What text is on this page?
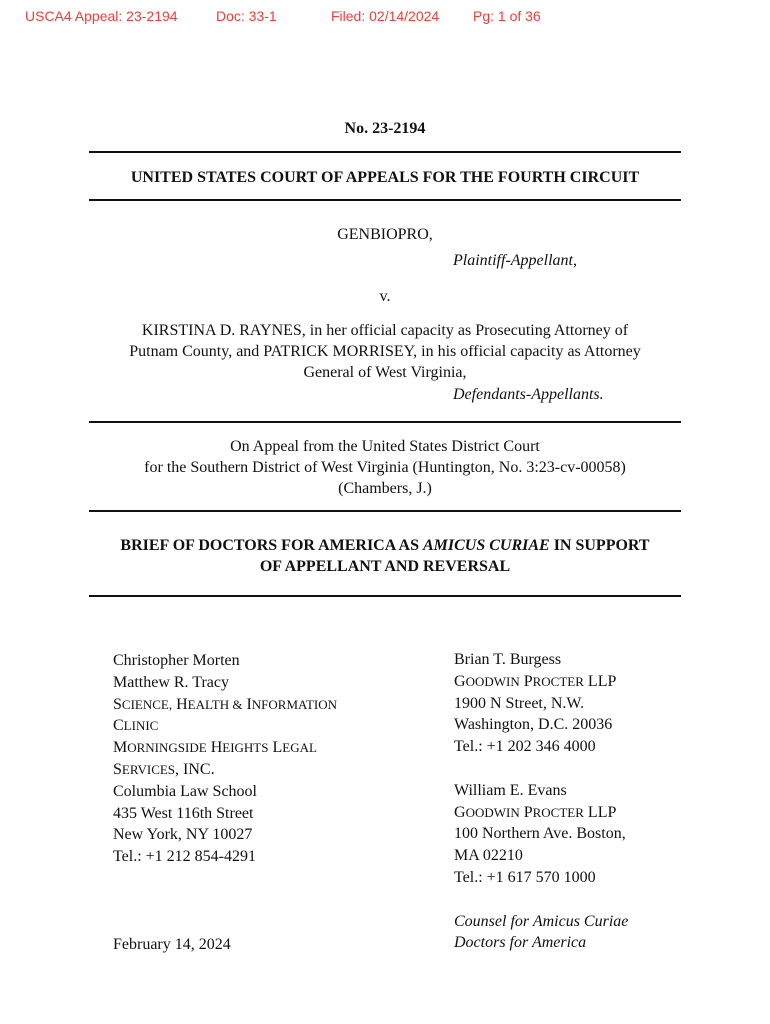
USCA4 Appeal: 23-2194	Doc: 33-1	Filed: 02/14/2024 Pg: 1 of 36
No. 23-2194
UNITED STATES COURT OF APPEALS FOR THE FOURTH CIRCUIT
GENBIOPRO,
Plaintiff-Appellant,
v.
KIRSTINA D. RAYNES, in her official capacity as Prosecuting Attorney of
Putnam County, and PATRICK MORRISEY, in his official capacity as Attorney
General of West Virginia,
Defendants-Appellants.
On Appeal from the United States District Court
for the Southern District of West Virginia (Huntington, No. 3:23-cv-00058)
(Chambers, J.)
BRIEF OF DOCTORS FOR AMERICA AS AMICUS CURIAE IN SUPPORT
OF APPELLANT AND REVERSAL
Christopher Morten
Matthew R. Tracy
SCIENCE, HEALTH & INFORMATION
CLINIC
MORNINGSIDE HEIGHTS LEGAL
SERVICES, INC.
Columbia Law School
435 West 116th Street
New York, NY 10027
Tel.: +1 212 854-4291
Brian T. Burgess
GOODWIN PROCTER LLP
1900 N Street, N.W.
Washington, D.C. 20036
Tel.: +1 202 346 4000
William E. Evans
GOODWIN PROCTER LLP
100 Northern Ave. Boston,
MA 02210
Tel.: +1 617 570 1000
Counsel for Amicus Curiae
Doctors for America
February 14, 2024
